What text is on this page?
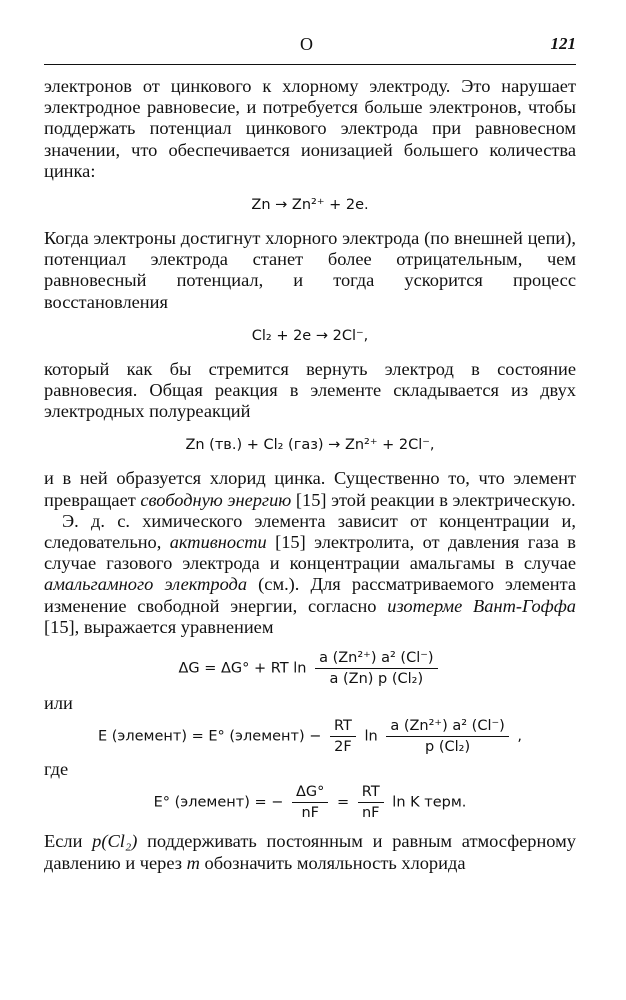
О	121

электронов от цинкового к хлорному электроду. Это нарушает электродное равновесие, и потребуется больше электронов, чтобы поддержать потенциал цинкового электрода при равновесном значении, что обеспечивается ионизацией большего количества цинка:

Zn → Zn²⁺ + 2e.

Когда электроны достигнут хлорного электрода (по внешней цепи), потенциал электрода станет более отрицательным, чем равновесный потенциал, и тогда ускорится процесс восстановления

Cl₂ + 2e → 2Cl⁻,

который как бы стремится вернуть электрод в состояние равновесия. Общая реакция в элементе складывается из двух электродных полуреакций

Zn (тв.) + Cl₂ (газ) → Zn²⁺ + 2Cl⁻,

и в ней образуется хлорид цинка. Существенно то, что элемент превращает свободную энергию [15] этой реакции в электрическую.

Э. д. с. химического элемента зависит от концентрации и, следовательно, активности [15] электролита, от давления газа в случае газового электрода и концентрации амальгамы в случае амальгамного электрода (см.). Для рассматриваемого элемента изменение свободной энергии, согласно изотерме Вант-Гоффа [15], выражается уравнением

ΔG = ΔG° + RT $\ln \frac{\text{a (Zn²⁺) a² (Cl⁻)}}{\text{a (Zn) p (Cl₂)}}$

или

E (элемент) = E° (элемент) − $\frac{RT}{2F}$ $\ln \frac{\text{a (Zn²⁺) a² (Cl⁻)}}{\text{p (Cl₂)}}$ ,

где

E° (элемент) = − $\frac{\Delta G^\circ}{nF} = \frac{RT}{nF}$ ln K терм.

Если p(Cl₂) поддерживать постоянным и равным атмосферному давлению и через m обозначить моляльность хлорида
